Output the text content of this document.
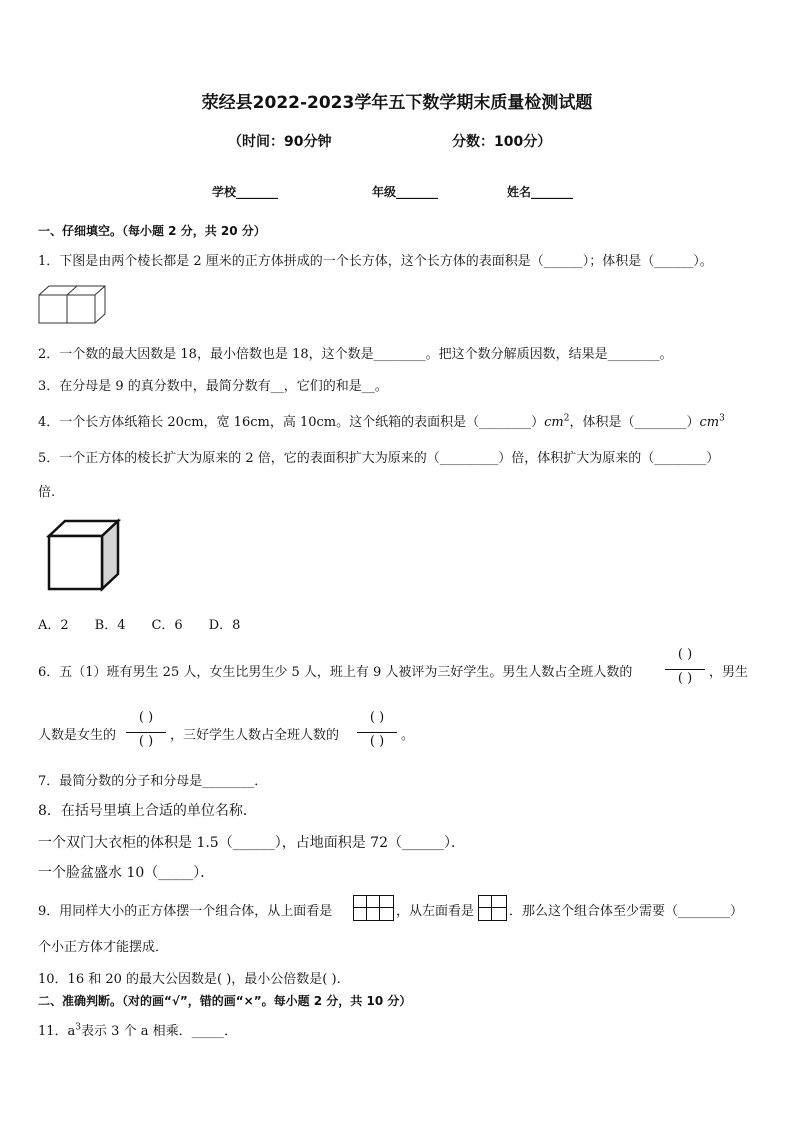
荥经县2022-2023学年五下数学期末质量检测试题
（时间：90分钟	分数：100分）
学校_______	年级_______	姓名_______
一、仔细填空。（每小题 2 分，共 20 分）
1．下图是由两个棱长都是 2 厘米的正方体拼成的一个长方体，这个长方体的表面积是（______）；体积是（______）。
2．一个数的最大因数是 18，最小倍数也是 18，这个数是________。把这个数分解质因数，结果是________。
3．在分母是 9 的真分数中，最简分数有__，它们的和是__。
4．一个长方体纸箱长 20cm，宽 16cm，高 10cm。这个纸箱的表面积是$(\_\_\_\_\_\_\_\_)cm^2$，体积是$(\_\_\_\_\_\_\_\_)cm^3$
5．一个正方体的棱长扩大为原来的 2 倍，它的表面积扩大为原来的（_________）倍，体积扩大为原来的（________）
倍.
A．2　　B．4　　C．6　　D．8
6．五（1）班有男生 25 人，女生比男生少 5 人，班上有 9 人被评为三好学生。男生人数占全班人数的
( )
( )	，男生
人数是女生的
( )
( )	，三好学生人数占全班人数的
( )
( )	。
7．最简分数的分子和分母是________．
8．在括号里填上合适的单位名称．
一个双门大衣柜的体积是 1.5（______），占地面积是 72（______）．
一个脸盆盛水 10（_____）．
9．用同样大小的正方体摆一个组合体，从上面看是	，从左面看是	．那么这个组合体至少需要（________）
个小正方体才能摆成．
10．16 和 20 的最大公因数是( )，最小公倍数是( ).
二、准确判断。（对的画“√”，错的画“×”。每小题 2 分，共 10 分）
11．$a^3$表示 3 个 a 相乘．_____．
